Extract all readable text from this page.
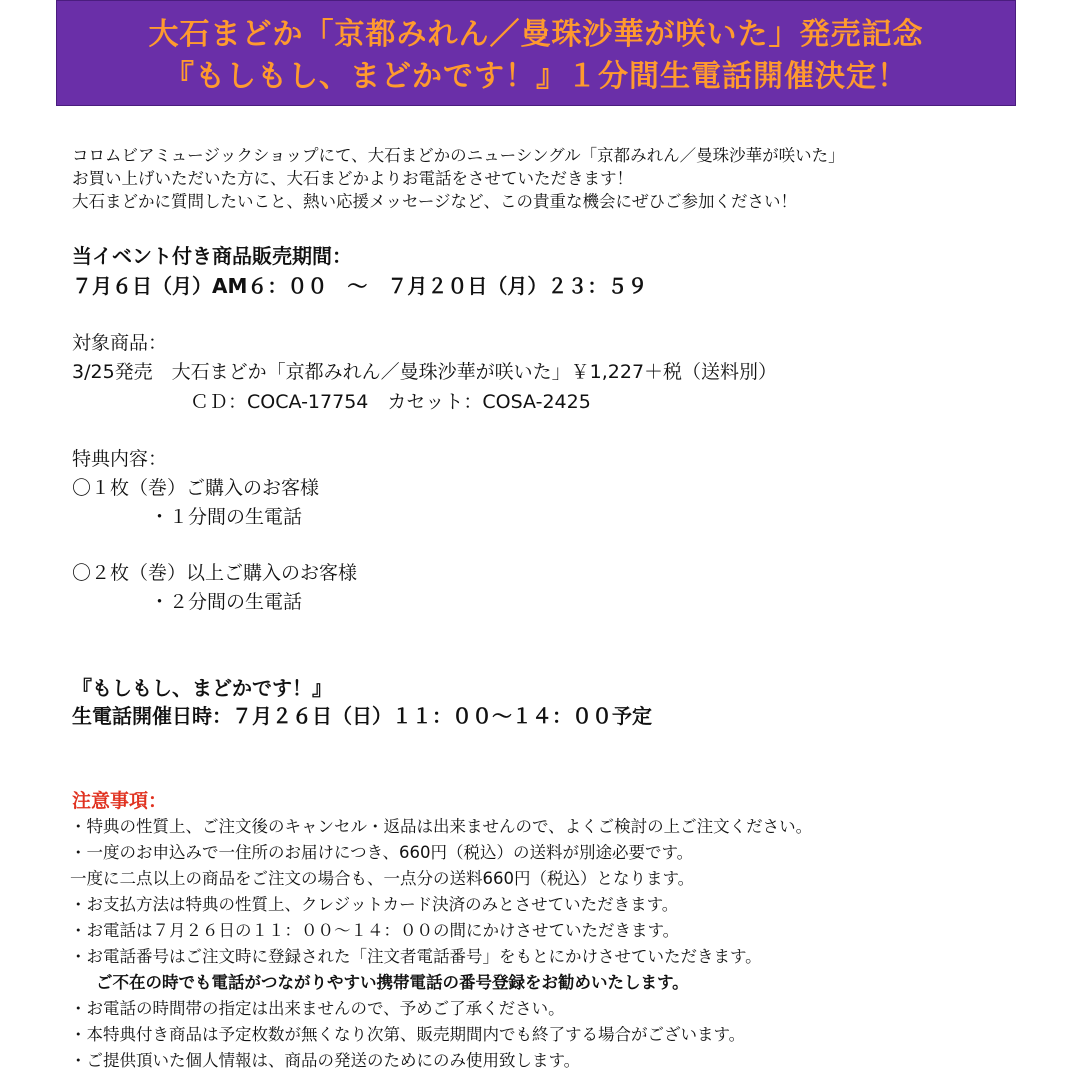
大石まどか「京都みれん／曼珠沙華が咲いた」発売記念
『もしもし、まどかです！』１分間生電話開催決定！
コロムビアミュージックショップにて、大石まどかのニューシングル「京都みれん／曼珠沙華が咲いた」
お買い上げいただいた方に、大石まどかよりお電話をさせていただきます！
大石まどかに質問したいこと、熱い応援メッセージなど、この貴重な機会にぜひご参加ください！
当イベント付き商品販売期間：
７月６日（月）AM６：００　～　７月２０日（月）２３：５９
対象商品：
3/25発売　大石まどか「京都みれん／曼珠沙華が咲いた」￥1,227＋税（送料別）
ＣＤ：COCA-17754　カセット：COSA-2425
特典内容：
〇１枚（巻）ご購入のお客様
・１分間の生電話
〇２枚（巻）以上ご購入のお客様
・２分間の生電話
『もしもし、まどかです！』
生電話開催日時：７月２６日（日）１１：００～１４：００予定
注意事項：
・特典の性質上、ご注文後のキャンセル・返品は出来ませんので、よくご検討の上ご注文ください。
・一度のお申込みで一住所のお届けにつき、660円（税込）の送料が別途必要です。
一度に二点以上の商品をご注文の場合も、一点分の送料660円（税込）となります。
・お支払方法は特典の性質上、クレジットカード決済のみとさせていただきます。
・お電話は７月２６日の１１：００～１４：００の間にかけさせていただきます。
・お電話番号はご注文時に登録された「注文者電話番号」をもとにかけさせていただきます。
ご不在の時でも電話がつながりやすい携帯電話の番号登録をお勧めいたします。
・お電話の時間帯の指定は出来ませんので、予めご了承ください。
・本特典付き商品は予定枚数が無くなり次第、販売期間内でも終了する場合がございます。
・ご提供頂いた個人情報は、商品の発送のためにのみ使用致します。
